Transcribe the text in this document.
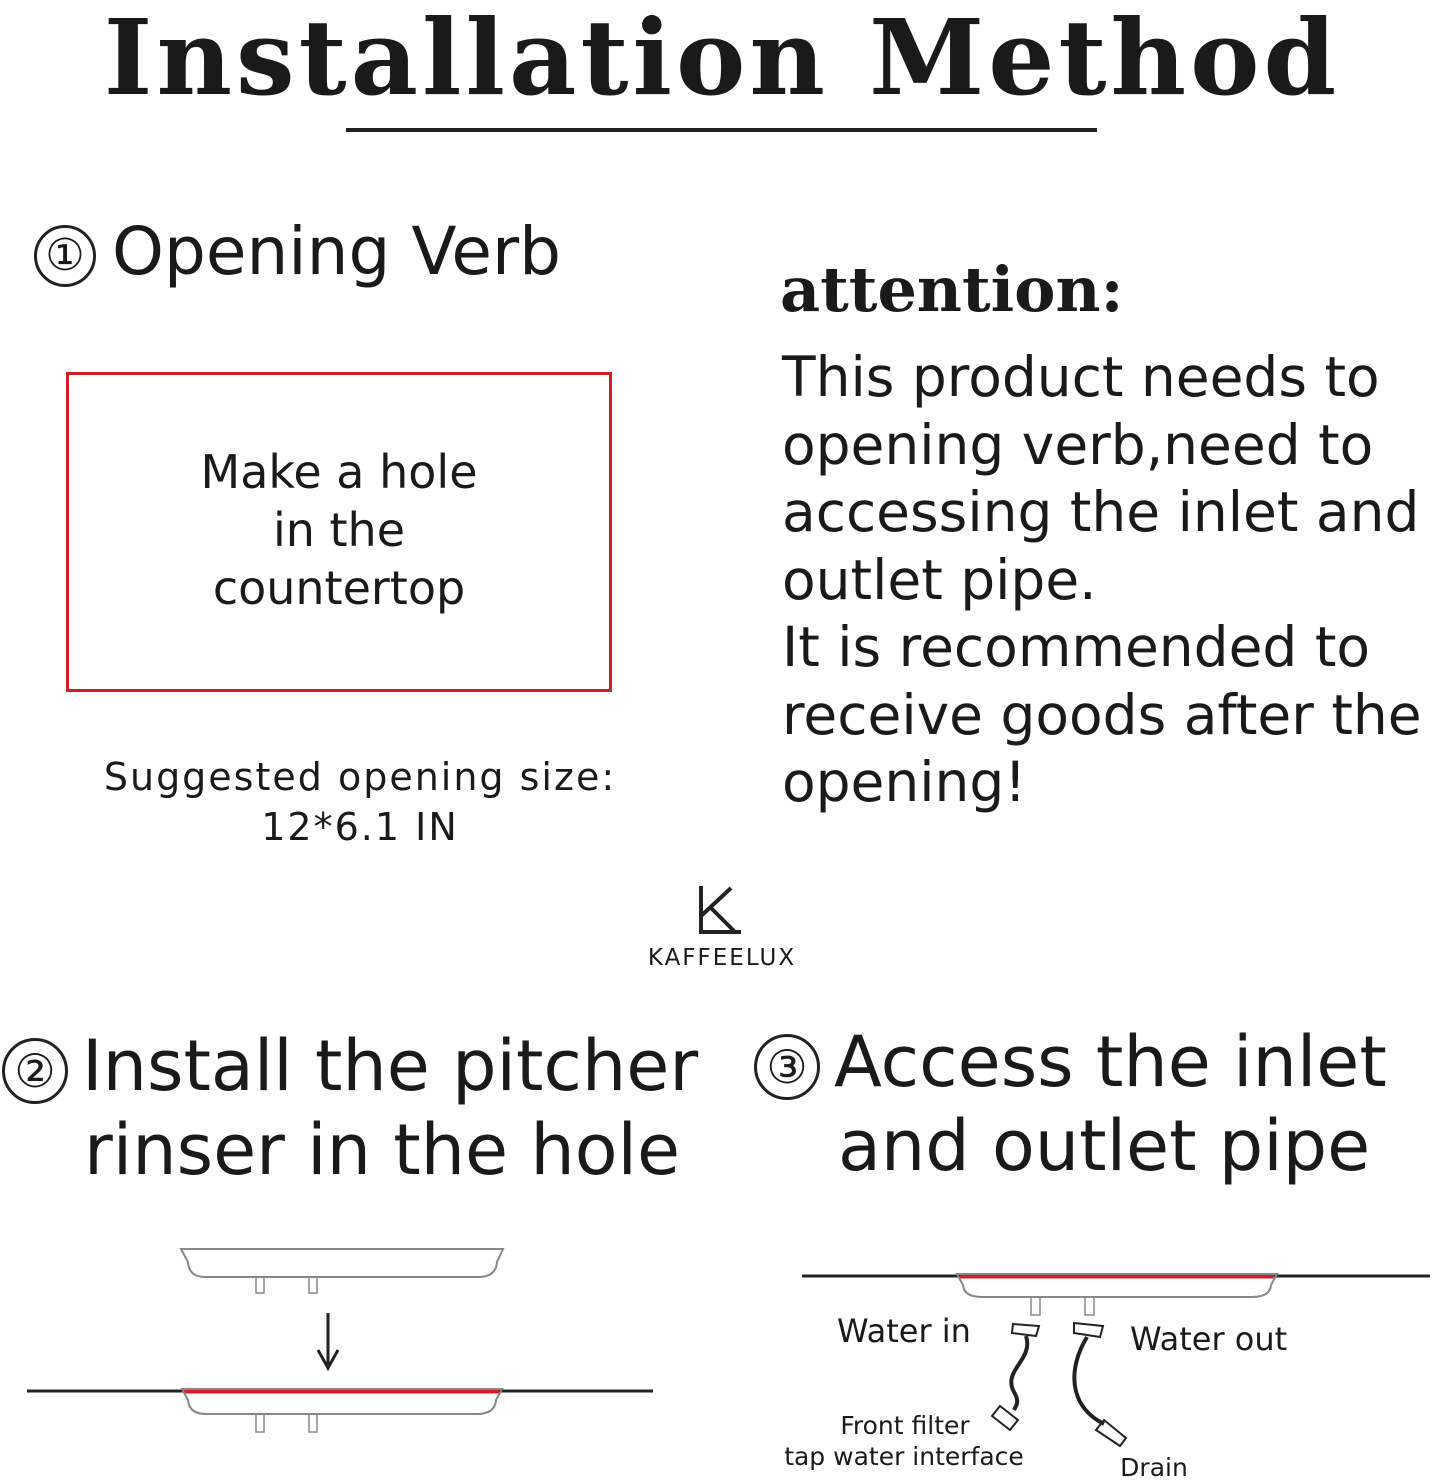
Installation Method
① Opening Verb
Make a hole
in the
countertop
Suggested opening size:
12*6.1 IN
attention:

This product needs to opening verb,need to accessing the inlet and outlet pipe.

It is recommended to receive goods after the opening!

KAFFEELUX
② Install the pitcher
rinser in the hole
③ Access the inlet
and outlet pipe
Water in	Water out
Front filter
tap water interface	Drain
